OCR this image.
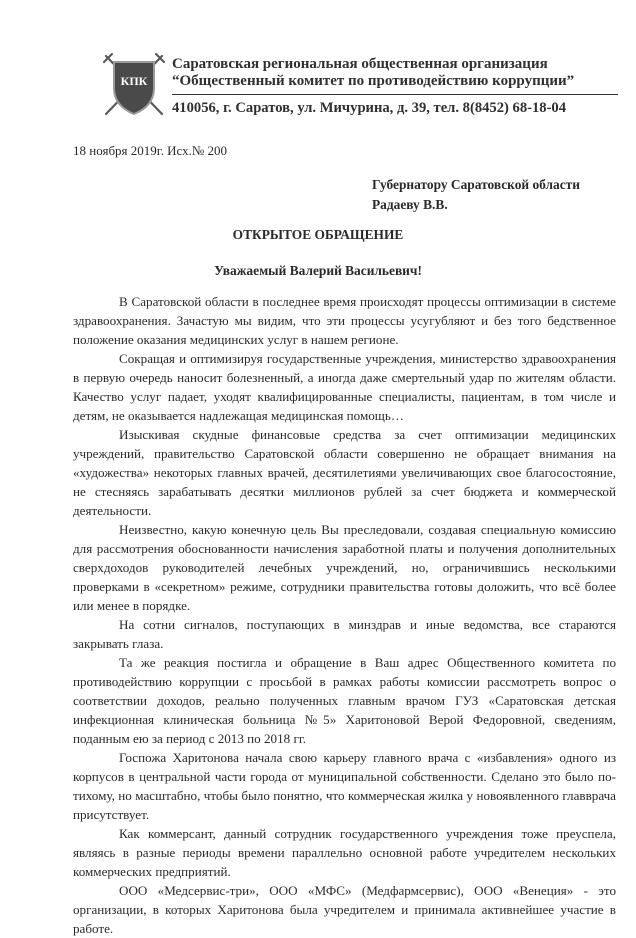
КПК
Саратовская региональная общественная организация
“Общественный комитет по противодействию коррупции”
410056, г. Саратов, ул. Мичурина, д. 39, тел. 8(8452) 68-18-04
18 ноября 2019г. Исх.№ 200
Губернатору Саратовской области
Радаеву В.В.
ОТКРЫТОЕ ОБРАЩЕНИЕ
Уважаемый Валерий Васильевич!

В Саратовской области в последнее время происходят процессы оптимизации в системе здравоохранения. Зачастую мы видим, что эти процессы усугубляют и без того бедственное положение оказания медицинских услуг в нашем регионе.

Сокращая и оптимизируя государственные учреждения, министерство здравоохранения в первую очередь наносит болезненный, а иногда даже смертельный удар по жителям области. Качество услуг падает, уходят квалифицированные специалисты, пациентам, в том числе и детям, не оказывается надлежащая медицинская помощь…

Изыскивая скудные финансовые средства за счет оптимизации медицинских учреждений, правительство Саратовской области совершенно не обращает внимания на «художества» некоторых главных врачей, десятилетиями увеличивающих свое благосостояние, не стесняясь зарабатывать десятки миллионов рублей за счет бюджета и коммерческой деятельности.

Неизвестно, какую конечную цель Вы преследовали, создавая специальную комиссию для рассмотрения обоснованности начисления заработной платы и получения дополнительных сверхдоходов руководителей лечебных учреждений, но, ограничившись несколькими проверками в «секретном» режиме, сотрудники правительства готовы доложить, что всё более или менее в порядке.

На сотни сигналов, поступающих в минздрав и иные ведомства, все стараются закрывать глаза.

Та же реакция постигла и обращение в Ваш адрес Общественного комитета по противодействию коррупции с просьбой в рамках работы комиссии рассмотреть вопрос о соответствии доходов, реально полученных главным врачом ГУЗ «Саратовская детская инфекционная клиническая больница №5» Харитоновой Верой Федоровной, сведениям, поданным ею за период с 2013 по 2018 гг.

Госпожа Харитонова начала свою карьеру главного врача с «избавления» одного из корпусов в центральной части города от муниципальной собственности. Сделано это было по-тихому, но масштабно, чтобы было понятно, что коммерческая жилка у новоявленного главврача присутствует.

Как коммерсант, данный сотрудник государственного учреждения тоже преуспела, являясь в разные периоды времени параллельно основной работе учредителем нескольких коммерческих предприятий.

ООО «Медсервис-три», ООО «МФС» (Медфармсервис), ООО «Венеция» - это организации, в которых Харитонова была учредителем и принимала активнейшее участие в работе.
